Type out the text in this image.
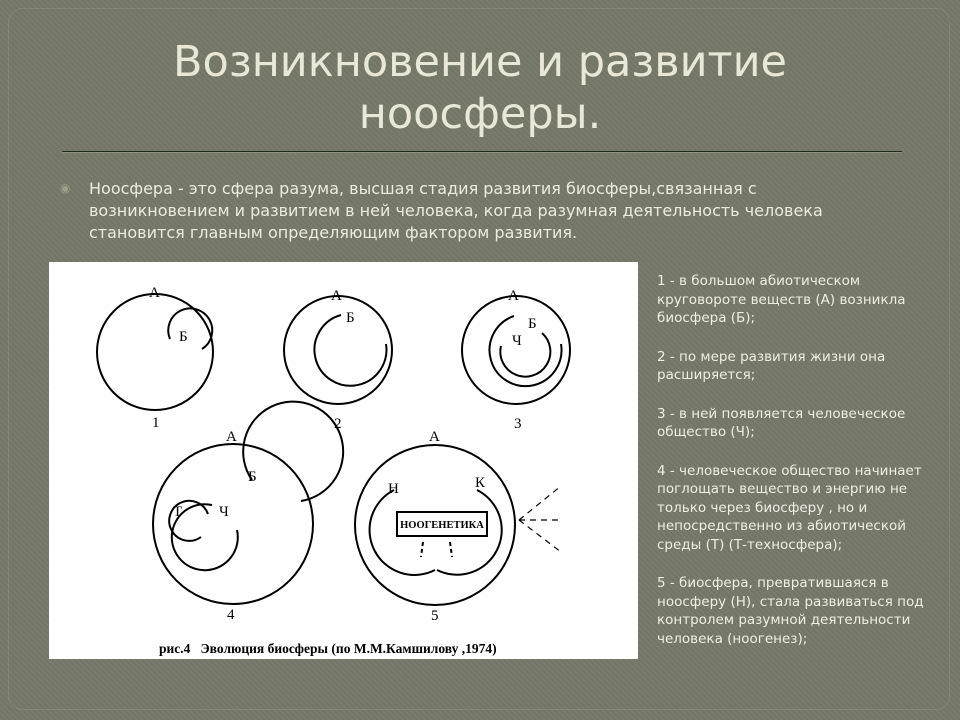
Возникновение и развитие
ноосферы.
◉ Ноосфера - это сфера разума, высшая стадия развития биосферы,связанная с возникновением и развитием в ней человека, когда разумная деятельность человека становится главным определяющим фактором развития.

А
Б
А
Б
А
Б
Ч
А
Б
Т Ч
А
Н	К
НООГЕНЕТИКА
1	2	3
4	5
рис.4   Эволюция биосферы (по М.М.Камшилову ,1974)

1 - в большом абиотическом круговороте веществ (А) возникла биосфера (Б);

2 - по мере развития жизни она расширяется;

3 - в ней появляется человеческое общество (Ч);

4 - человеческое общество начинает поглощать вещество и энергию не только через биосферу , но и непосредственно из абиотической среды (Т) (Т-техносфера);

5 - биосфера, превратившаяся в ноосферу (Н), стала развиваться под контролем разумной деятельности человека (ноогенез);
